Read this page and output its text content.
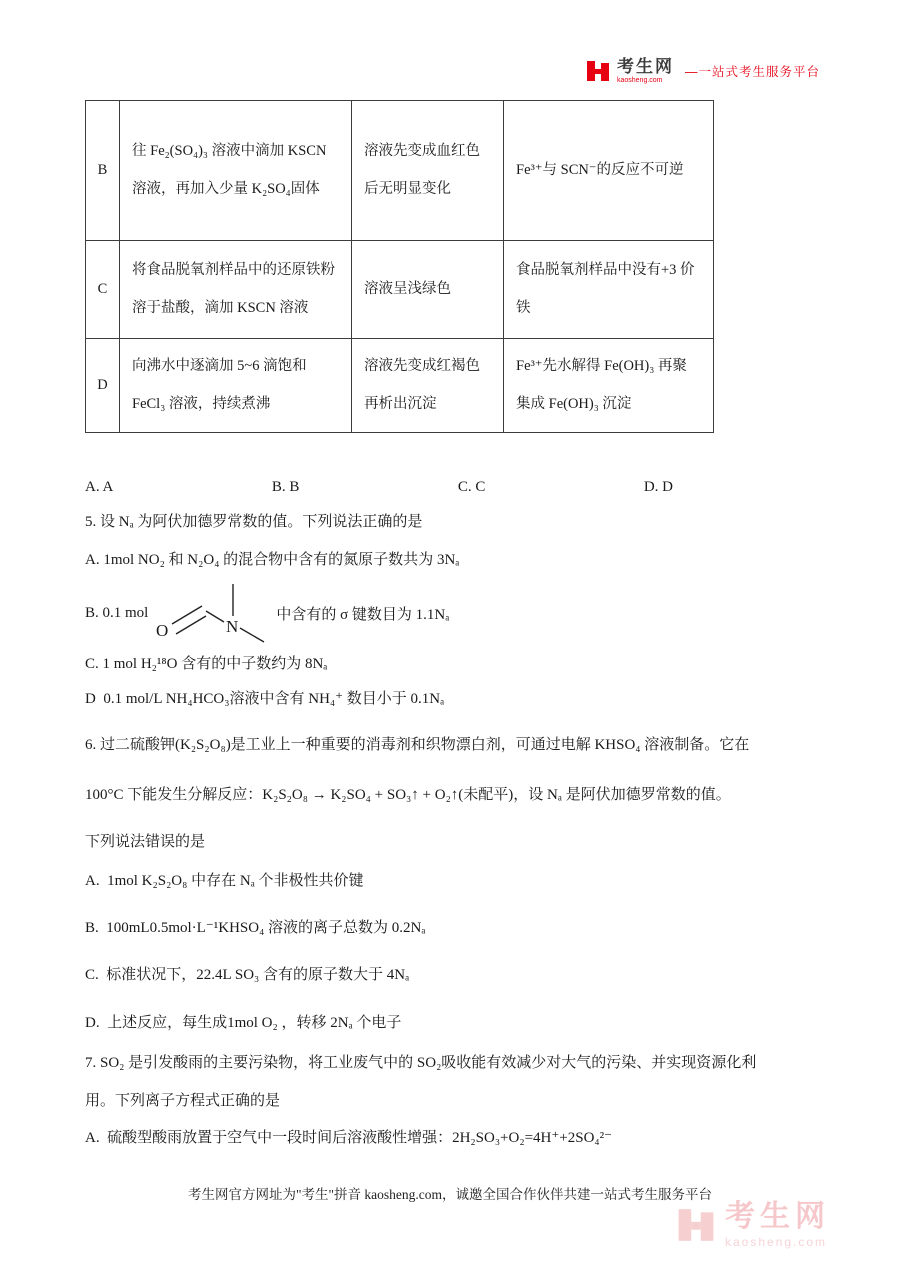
考生网
kaosheng.com
—一站式考生服务平台
B	往 Fe₂(SO₄)₃ 溶液中滴加 KSCN 溶液，再加入少量 K₂SO₄固体	溶液先变成血红色后无明显变化	Fe³⁺与 SCN⁻的反应不可逆
C	将食品脱氧剂样品中的还原铁粉溶于盐酸，滴加 KSCN 溶液	溶液呈浅绿色	食品脱氧剂样品中没有+3 价铁
D	向沸水中逐滴加 5~6 滴饱和 FeCl₃ 溶液，持续煮沸	溶液先变成红褐色再析出沉淀	Fe³⁺先水解得 Fe(OH)₃ 再聚集成 Fe(OH)₃ 沉淀
A. A	B. B	C. C	D. D
5. 设 Nₐ 为阿伏加德罗常数的值。下列说法正确的是
A. 1mol NO₂ 和 N₂O₄ 的混合物中含有的氮原子数共为 3Nₐ
B. 0.1 mol
O	N
中含有的 σ 键数目为 1.1Nₐ
C. 1 mol H₂¹⁸O 含有的中子数约为 8Nₐ
D  0.1 mol/L NH₄HCO₃溶液中含有 NH₄⁺ 数目小于 0.1Nₐ
6. 过二硫酸钾(K₂S₂O₈)是工业上一种重要的消毒剂和织物漂白剂，可通过电解 KHSO₄ 溶液制备。它在
100°C 下能发生分解反应：K₂S₂O₈ → K₂SO₄ + SO₃↑ + O₂↑(未配平)，设 Nₐ 是阿伏加德罗常数的值。
下列说法错误的是
A.  1mol K₂S₂O₈ 中存在 Nₐ 个非极性共价键
B.  100mL0.5mol·L⁻¹KHSO₄ 溶液的离子总数为 0.2Nₐ
C.  标准状况下，22.4L SO₃ 含有的原子数大于 4Nₐ
D.  上述反应，每生成1mol O₂ ，转移 2Nₐ 个电子
7. SO₂ 是引发酸雨的主要污染物，将工业废气中的 SO₂吸收能有效减少对大气的污染、并实现资源化利
用。下列离子方程式正确的是
A.  硫酸型酸雨放置于空气中一段时间后溶液酸性增强：2H₂SO₃+O₂=4H⁺+2SO₄²⁻
考生网官方网址为"考生"拼音 kaosheng.com，诚邀全国合作伙伴共建一站式考生服务平台
考生网
kaosheng.com
